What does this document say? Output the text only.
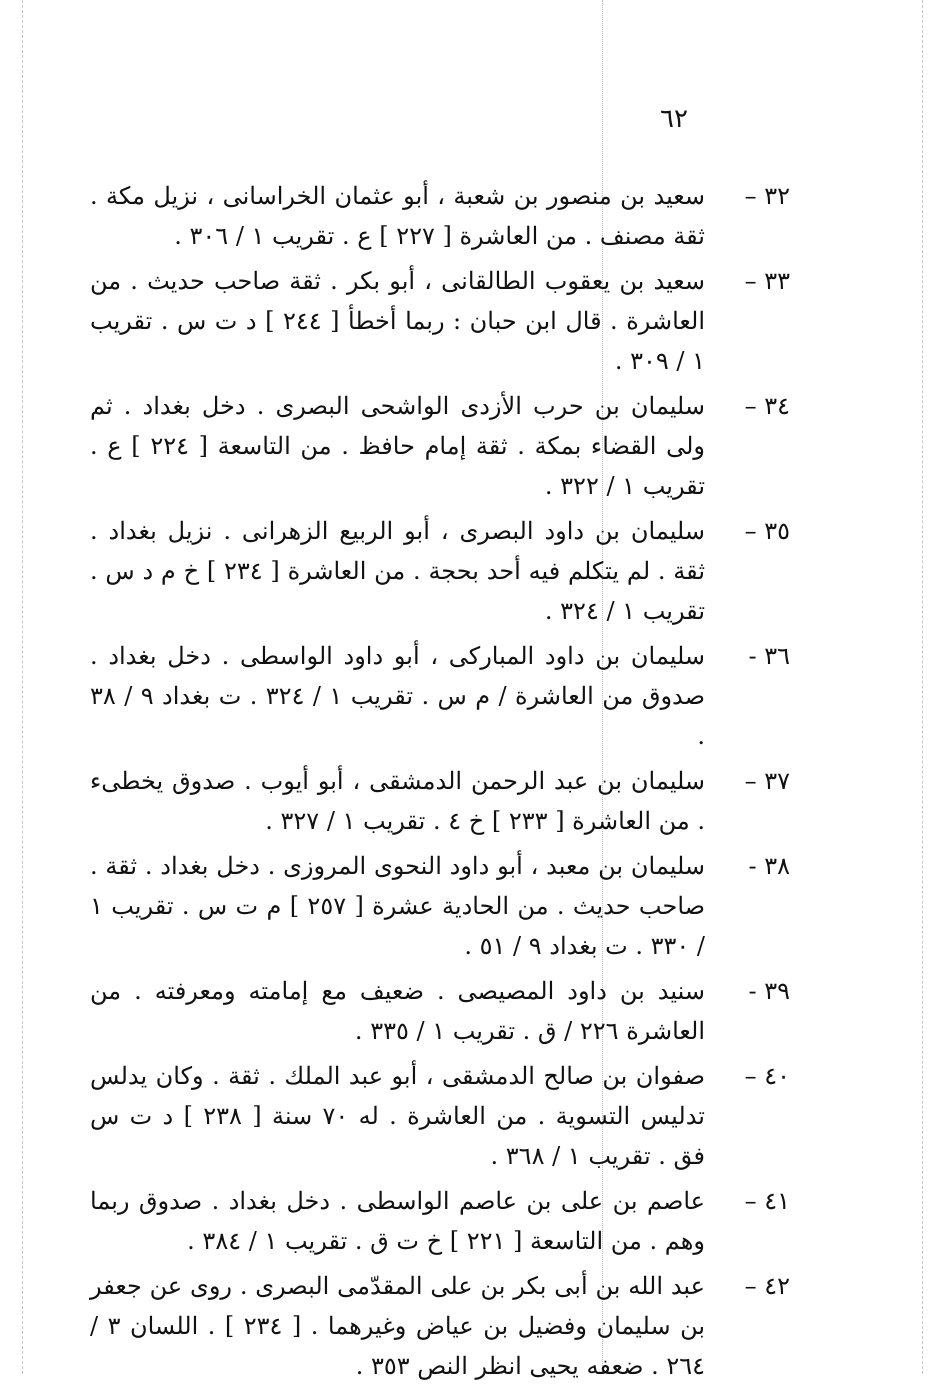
٦٢
٣٢ –
سعيد بن منصور بن شعبة ، أبو عثمان الخراسانى ، نزيل مكة . ثقة مصنف . من العاشرة [ ٢٢٧ ] ع . تقريب ١ / ٣٠٦ .
٣٣ –
سعيد بن يعقوب الطالقانى ، أبو بكر . ثقة صاحب حديث . من العاشرة . قال ابن حبان : ربما أخطأ [ ٢٤٤ ] د ت س . تقريب ١ / ٣٠٩ .
٣٤ –
سليمان بن حرب الأزدى الواشحى البصرى . دخل بغداد . ثم ولى القضاء بمكة . ثقة إمام حافظ . من التاسعة [ ٢٢٤ ] ع . تقريب ١ / ٣٢٢ .
٣٥ –
سليمان بن داود البصرى ، أبو الربيع الزهرانى . نزيل بغداد . ثقة . لم يتكلم فيه أحد بحجة . من العاشرة [ ٢٣٤ ] خ م د س . تقريب ١ / ٣٢٤ .
٣٦ -
سليمان بن داود المباركى ، أبو داود الواسطى . دخل بغداد . صدوق من العاشرة / م س . تقريب ١ / ٣٢٤ . ت بغداد ٩ / ٣٨ .
٣٧ –
سليمان بن عبد الرحمن الدمشقى ، أبو أيوب . صدوق يخطىء . من العاشرة [ ٢٣٣ ] خ ٤ . تقريب ١ / ٣٢٧ .
٣٨ -
سليمان بن معبد ، أبو داود النحوى المروزى . دخل بغداد . ثقة . صاحب حديث . من الحادية عشرة [ ٢٥٧ ] م ت س . تقريب ١ / ٣٣٠ . ت بغداد ٩ / ٥١ .
٣٩ -
سنيد بن داود المصيصى . ضعيف مع إمامته ومعرفته . من العاشرة ٢٢٦ / ق . تقريب ١ / ٣٣٥ .
٤٠ –
صفوان بن صالح الدمشقى ، أبو عبد الملك . ثقة . وكان يدلس تدليس التسوية . من العاشرة . له ٧٠ سنة [ ٢٣٨ ] د ت س فق . تقريب ١ / ٣٦٨ .
٤١ –
عاصم بن على بن عاصم الواسطى . دخل بغداد . صدوق ربما وهم . من التاسعة [ ٢٢١ ] خ ت ق . تقريب ١ / ٣٨٤ .
٤٢ –
عبد الله بن أبى بكر بن على المقدّمى البصرى . روى عن جعفر بن سليمان وفضيل بن عياض وغيرهما . [ ٢٣٤ ] . اللسان ٣ / ٢٦٤ . ضعفه يحيى انظر النص ٣٥٣ .
